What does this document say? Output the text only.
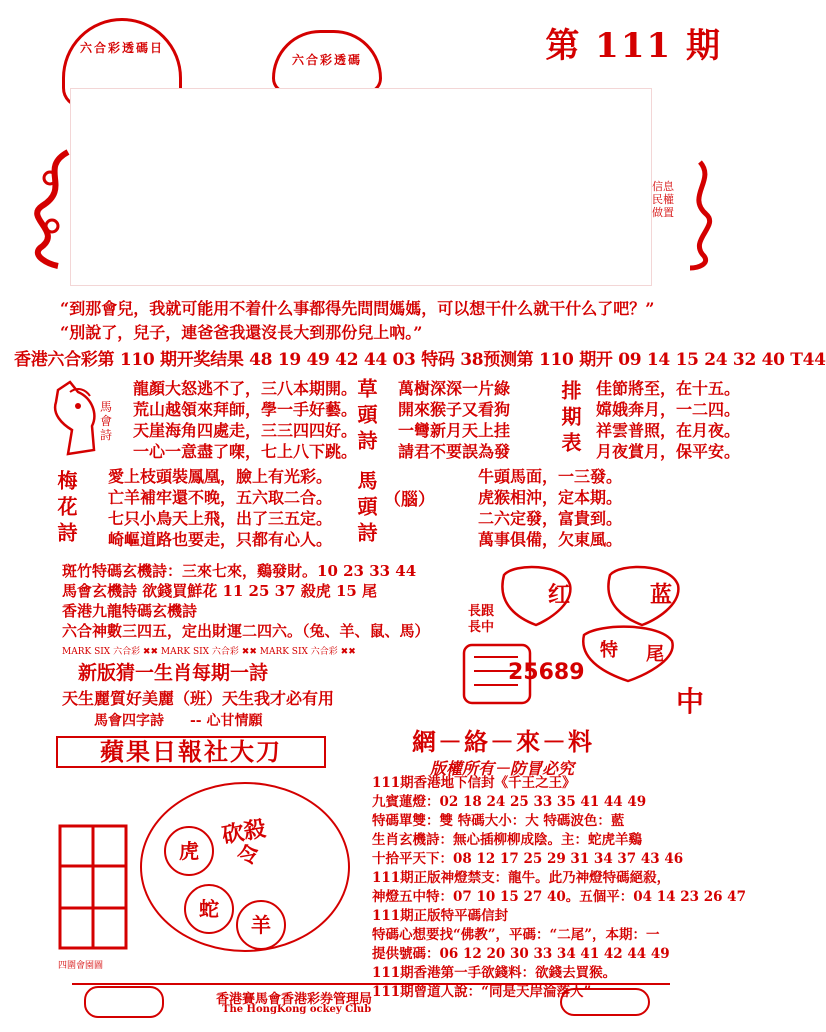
六合彩透碼日
六合彩透碼	第 111 期
信息 民權 做置
“到那會兒，我就可能用不着什么事都得先問問媽媽，可以想干什么就干什么了吧？”
“別說了，兒子，連爸爸我還沒長大到那份兒上吶。”
香港六合彩第 110 期开奖结果 48 19 49 42 44 03 特码 38预测第 110 期开 09 14 15 24 32 40 T44
馬會詩
龍顏大怒逃不了，三八本期開。
荒山越領來拜師，學一手好藝。
天崖海角四處走，三三四四好。
一心一意盡了㗎，七上八下跳。
草頭詩 萬樹深深一片綠
開來猴子又看狗
一彎新月天上挂
請君不要誤為發 排期表 佳節將至，在十五。
嫦娥奔月，一二四。
祥雲普照，在月夜。
月夜賞月，保平安。
梅花詩 愛上枝頭裝鳳凰，臉上有光彩。
亡羊補牢還不晚，五六取二合。
七只小鳥天上飛，出了三五定。
崎嶇道路也要走，只都有心人。 馬頭詩 （腦）
牛頭馬面，一三發。
虎猴相沖，定本期。
二六定發，富貴到。
萬事俱備，欠東風。
斑竹特碼玄機詩：三來七來，鷄發財。10 23 33 44
馬會玄機詩 欲錢買鮮花 11 25 37 殺虎 15 尾
香港九龍特碼玄機詩
六合神數三四五，定出財運二四六。（兔、羊、鼠、馬）
MARK SIX 六合彩 ✖✖ MARK SIX 六合彩 ✖✖ MARK SIX 六合彩 ✖✖
新版猜一生肖每期一詩
天生麗質好美麗（班）天生我才必有用
馬會四字詩 -- 心甘情願
蘋果日報社大刀
红	蓝
特 尾
長跟
長中
25689
中
砍殺令
虎
蛇
羊
四圍會園圖
網－絡－來－料
版權所有－防冒必究
111期香港地下信封《千王之王》
九賓蓮燈：02 18 24 25 33 35 41 44 49
特碼單雙：雙 特碼大小：大 特碼波色：藍
生肖玄機詩：無心插柳柳成陰。主：蛇虎羊鷄
十拾平天下：08 12 17 25 29 31 34 37 43 46
111期正版神燈禁支：龍牛。此乃神燈特碼絕殺，
神燈五中特：07 10 15 27 40。五個平：04 14 23 26 47
111期正版特平碼信封
特碼心想要找“佛教”，平碼：“二尾”，本期：一
提供號碼：06 12 20 30 33 34 41 42 44 49
111期香港第一手欲錢料：欲錢去買猴。
111期曾道人說：“同是天岸淪落人”
香港賽馬會香港彩券管理局
The HongKong ockey Club
